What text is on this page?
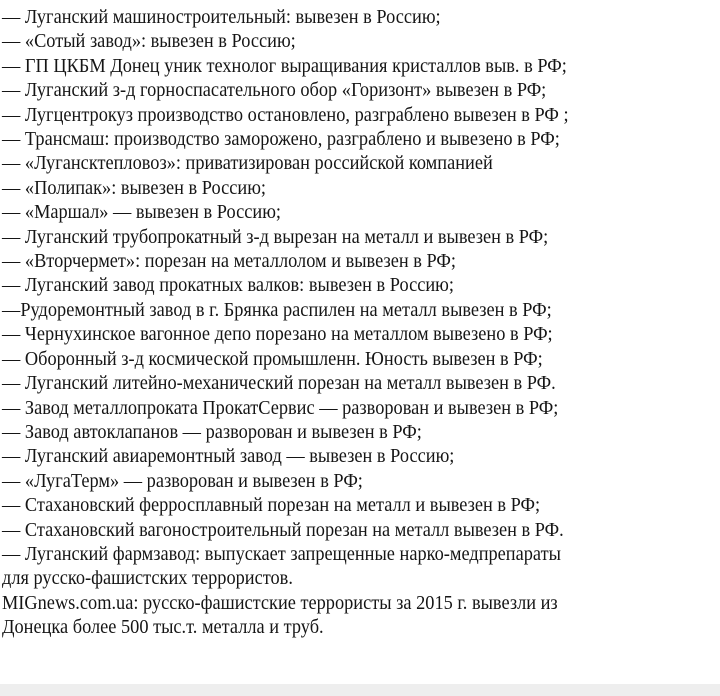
— Луганский машиностроительный: вывезен в Россию;
— «Сотый завод»: вывезен в Россию;
— ГП ЦКБМ Донец уник технолог выращивания кристаллов выв. в РФ;
— Луганский з-д горноспасательного обор «Горизонт» вывезен в РФ;
— Лугцентрокуз производство остановлено, разграблено вывезен в РФ ;
— Трансмаш: производство заморожено, разграблено и вывезено в РФ;
— «Лугансктепловоз»: приватизирован российской компанией
— «Полипак»: вывезен в Россию;
— «Маршал» — вывезен в Россию;
— Луганский трубопрокатный з-д вырезан на металл и вывезен в РФ;
— «Вторчермет»: порезан на металлолом и вывезен в РФ;
— Луганский завод прокатных валков: вывезен в Россию;
—Рудоремонтный завод в г. Брянка распилен на металл вывезен в РФ;
— Чернухинское вагонное депо порезано на металлом вывезено в РФ;
— Оборонный з-д космической промышленн. Юность вывезен в РФ;
— Луганский литейно-механический порезан на металл вывезен в РФ.
— Завод металлопроката ПрокатСервис — разворован и вывезен в РФ;
— Завод автоклапанов — разворован и вывезен в РФ;
— Луганский авиаремонтный завод — вывезен в Россию;
— «ЛугаТерм» — разворован и вывезен в РФ;
— Стахановский ферросплавный порезан на металл и вывезен в РФ;
— Стахановский вагоностроительный порезан на металл вывезен в РФ.
— Луганский фармзавод: выпускает запрещенные нарко-медпрепараты
для русско-фашистских террористов.
MIGnews.com.ua: русско-фашистские террористы за 2015 г. вывезли из
Донецка более 500 тыс.т. металла и труб.
